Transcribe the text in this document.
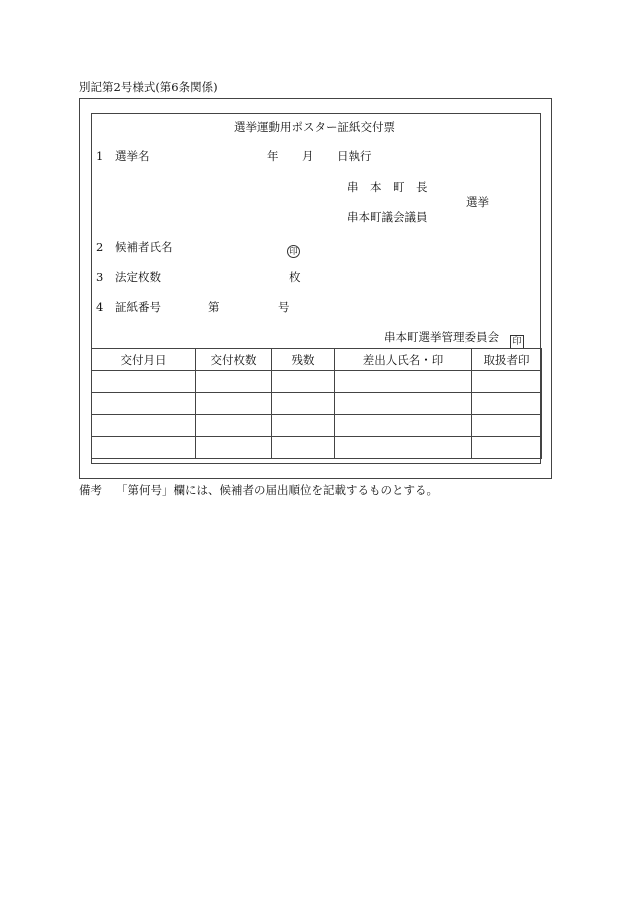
別記第2号様式(第6条関係)
選挙運動用ポスター証紙交付票
1 選挙名	年 月 日執行
串　本　町　長
選挙
串本町議会議員
2 候補者氏名	印
3 法定枚数	枚
4 証紙番号	第	号
串本町選挙管理委員会 印
交付月日	交付枚数	残数	差出人氏名・印	取扱者印

備考 「第何号」欄には、候補者の届出順位を記載するものとする。
